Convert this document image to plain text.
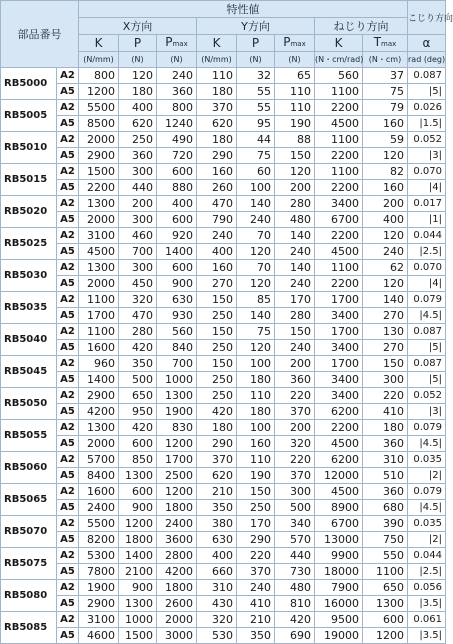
部品番号		特性値								こじり方向
		X方向			Y方向			ねじり方向		
		K	P	Pmax	K	P	Pmax	K	Tmax	α
		(N/mm)	(N)	(N)	(N/mm)	(N)	(N)	(N・cm/rad)	(N・cm)	rad (deg)
RB5000	A2	800	120	240	110	32	65	560	37	0.087
	A5	1200	180	360	180	55	110	1100	75	|5|
RB5005	A2	5500	400	800	370	55	110	2200	79	0.026
	A5	8500	620	1240	620	95	190	4500	160	|1.5|
RB5010	A2	2000	250	490	180	44	88	1100	59	0.052
	A5	2900	360	720	290	75	150	2200	120	|3|
RB5015	A2	1500	300	600	160	60	120	1100	82	0.070
	A5	2200	440	880	260	100	200	2200	160	|4|
RB5020	A2	1300	200	400	470	140	280	3400	200	0.017
	A5	2000	300	600	790	240	480	6700	400	|1|
RB5025	A2	3100	460	920	240	70	140	2200	120	0.044
	A5	4500	700	1400	400	120	240	4500	240	|2.5|
RB5030	A2	1300	300	600	160	70	140	1100	62	0.070
	A5	2000	450	900	270	120	240	2200	120	|4|
RB5035	A2	1100	320	630	150	85	170	1700	140	0.079
	A5	1700	470	930	250	140	280	3400	270	|4.5|
RB5040	A2	1100	280	560	150	75	150	1700	130	0.087
	A5	1600	420	840	250	120	240	3400	270	|5|
RB5045	A2	960	350	700	150	100	200	1700	150	0.087
	A5	1400	500	1000	250	180	360	3400	300	|5|
RB5050	A2	2900	650	1300	250	110	220	3400	220	0.052
	A5	4200	950	1900	420	180	370	6200	410	|3|
RB5055	A2	1300	420	830	180	100	200	2200	180	0.079
	A5	2000	600	1200	290	160	320	4500	360	|4.5|
RB5060	A2	5700	850	1700	370	110	220	6200	310	0.035
	A5	8400	1300	2500	620	190	370	12000	510	|2|
RB5065	A2	1600	600	1200	210	150	300	4500	360	0.079
	A5	2400	900	1800	350	250	500	8900	680	|4.5|
RB5070	A2	5500	1200	2400	380	170	340	6700	390	0.035
	A5	8200	1800	3600	630	290	570	13000	750	|2|
RB5075	A2	5300	1400	2800	400	220	440	9900	550	0.044
	A5	7800	2100	4200	660	370	730	18000	1100	|2.5|
RB5080	A2	1900	900	1800	310	240	480	7900	650	0.056
	A5	2900	1300	2600	430	410	810	16000	1300	|3.5|
RB5085	A2	3100	1000	2000	320	210	420	9500	600	0.061
	A5	4600	1500	3000	530	350	690	19000	1200	|3.5|
